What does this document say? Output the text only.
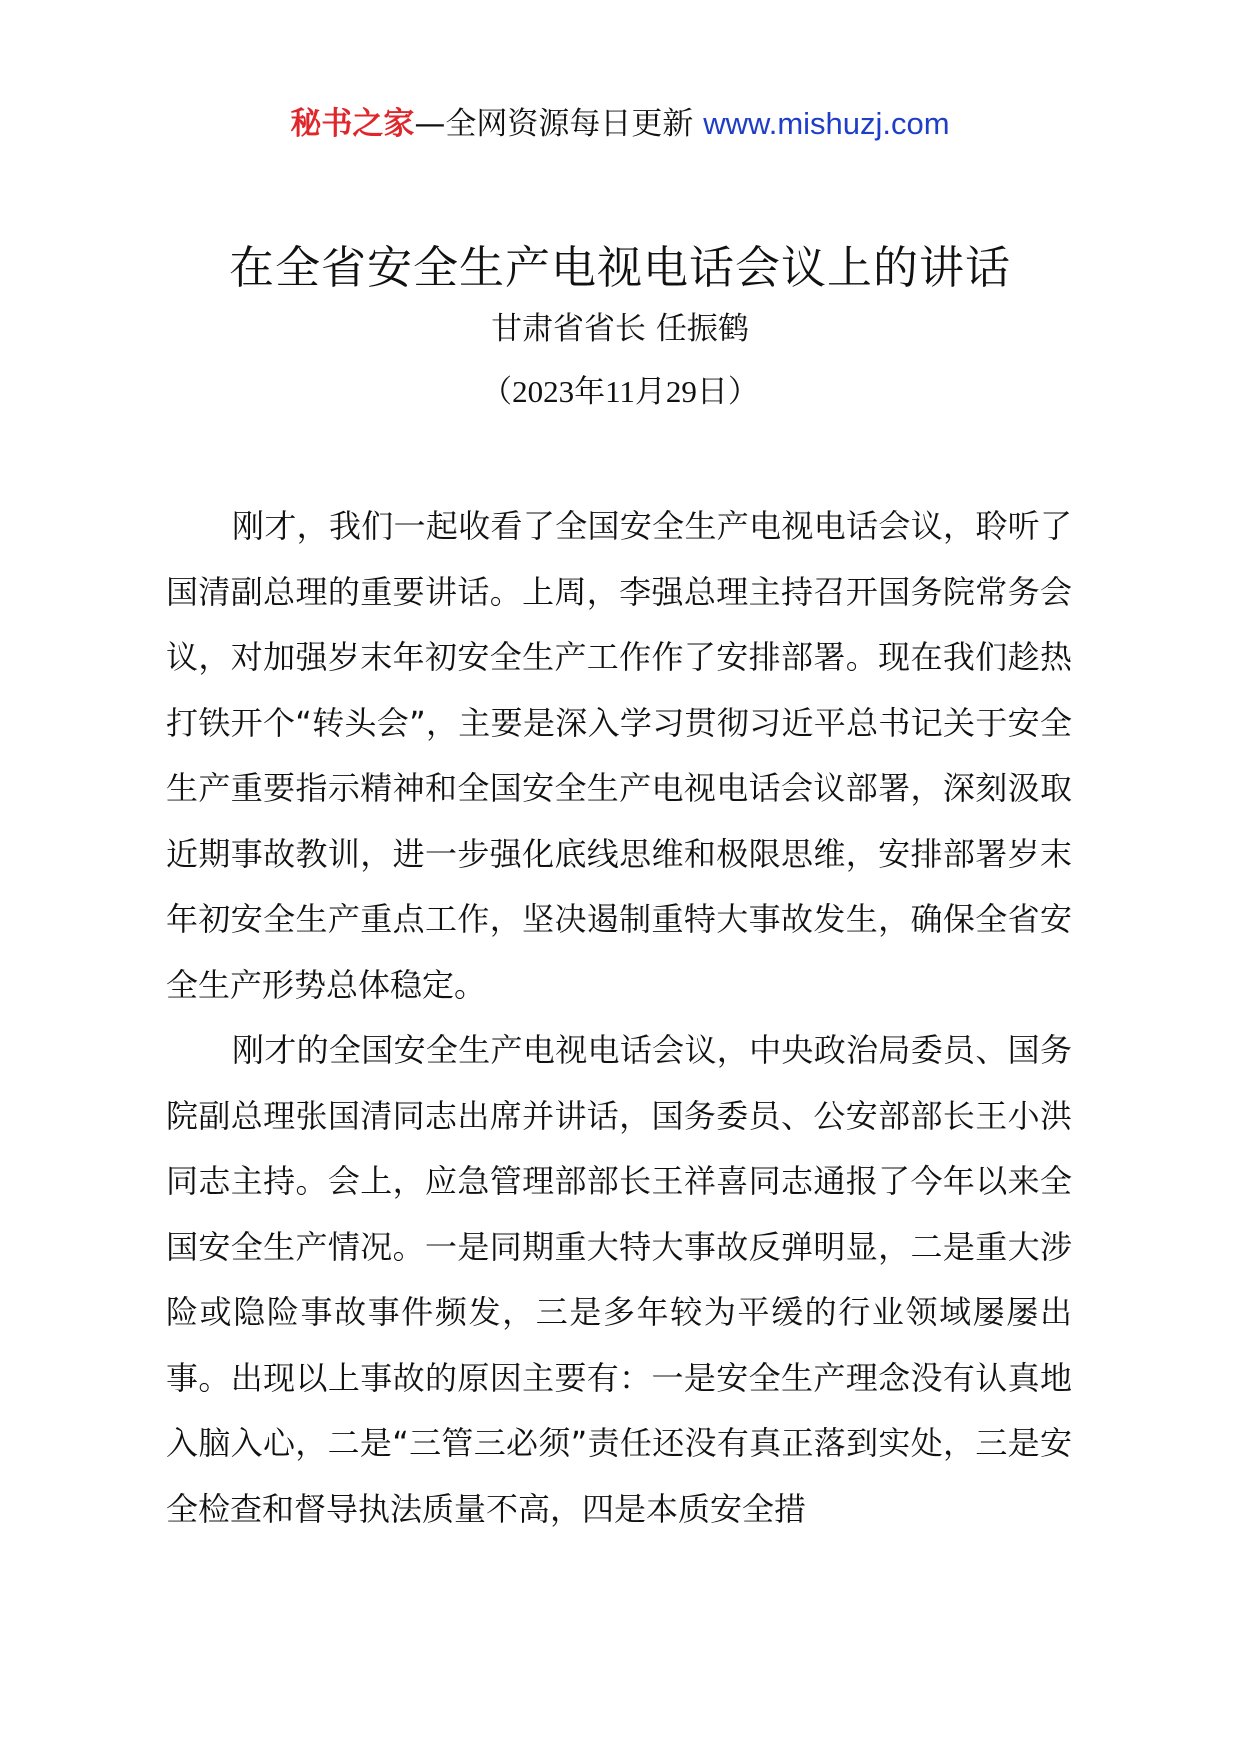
秘书之家—全网资源每日更新 www.mishuzj.com
在全省安全生产电视电话会议上的讲话
甘肃省省长 任振鹤
（2023年11月29日）

刚才，我们一起收看了全国安全生产电视电话会议，聆听了国清副总理的重要讲话。上周，李强总理主持召开国务院常务会议，对加强岁末年初安全生产工作作了安排部署。现在我们趁热打铁开个“转头会”，主要是深入学习贯彻习近平总书记关于安全生产重要指示精神和全国安全生产电视电话会议部署，深刻汲取近期事故教训，进一步强化底线思维和极限思维，安排部署岁末年初安全生产重点工作，坚决遏制重特大事故发生，确保全省安全生产形势总体稳定。

刚才的全国安全生产电视电话会议，中央政治局委员、国务院副总理张国清同志出席并讲话，国务委员、公安部部长王小洪同志主持。会上，应急管理部部长王祥喜同志通报了今年以来全国安全生产情况。一是同期重大特大事故反弹明显，二是重大涉险或隐险事故事件频发，三是多年较为平缓的行业领域屡屡出事。出现以上事故的原因主要有：一是安全生产理念没有认真地入脑入心，二是“三管三必须”责任还没有真正落到实处，三是安全检查和督导执法质量不高，四是本质安全措
